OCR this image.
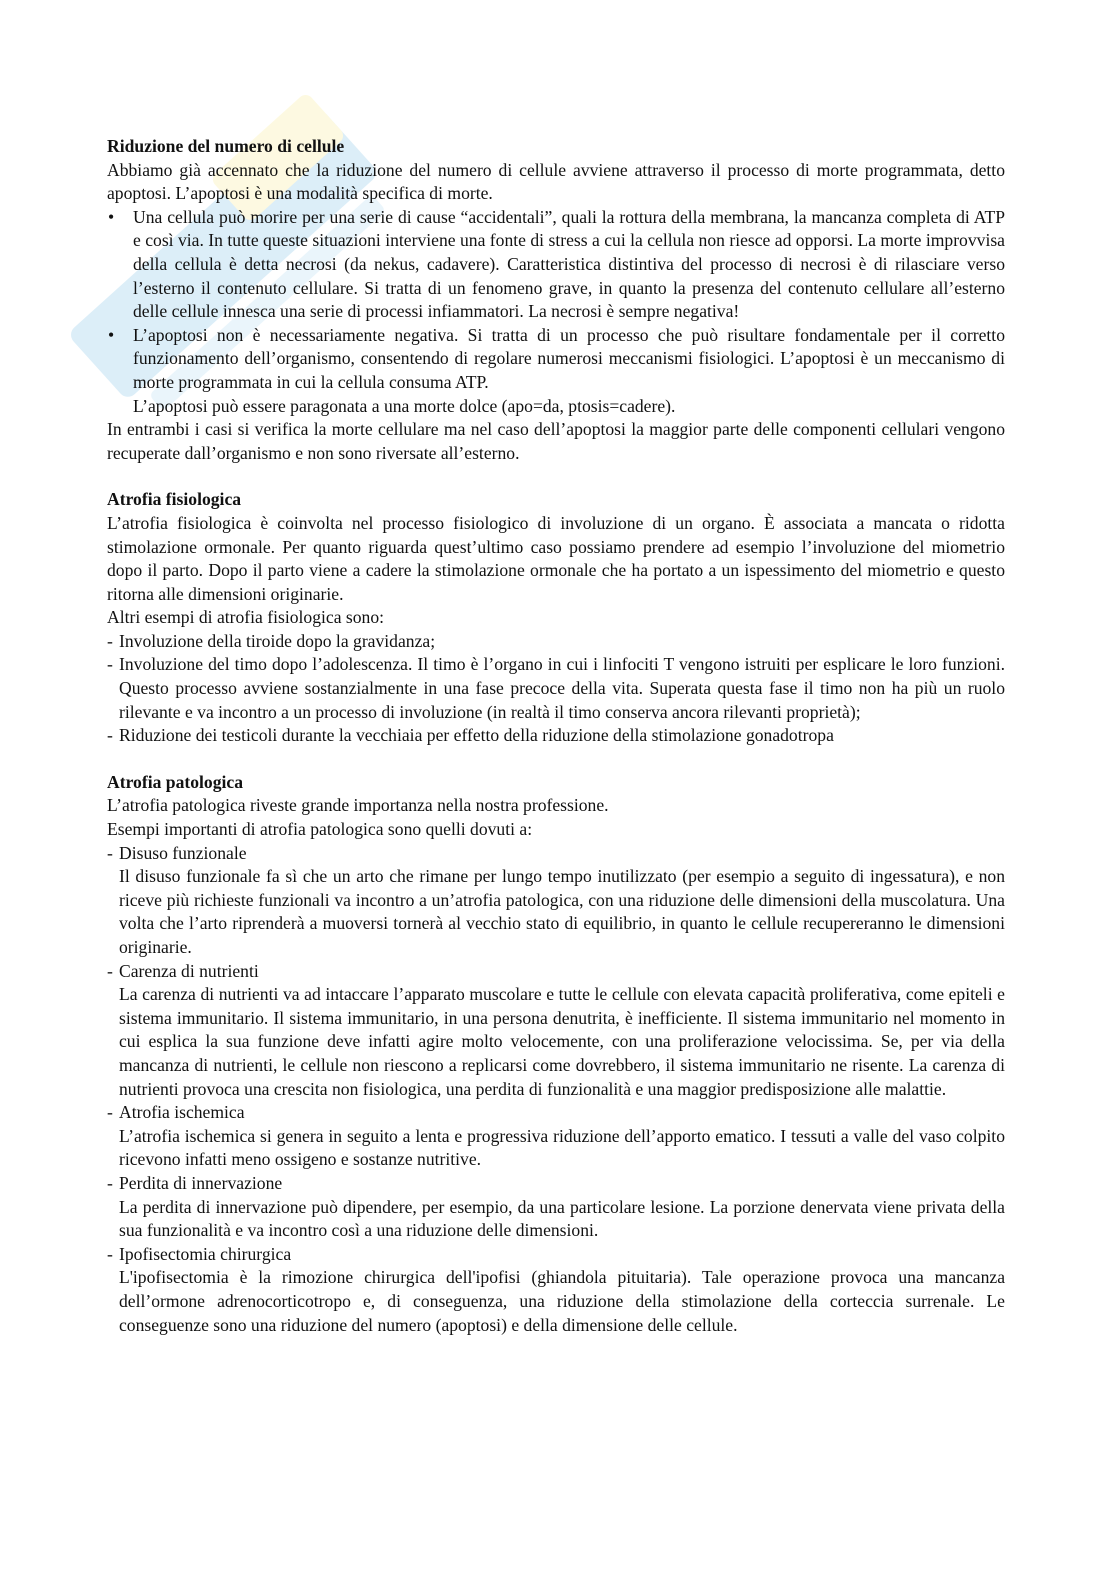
Riduzione del numero di cellule

Abbiamo già accennato che la riduzione del numero di cellule avviene attraverso il processo di morte programmata, detto apoptosi. L’apoptosi è una modalità specifica di morte.

• Una cellula può morire per una serie di cause “accidentali”, quali la rottura della membrana, la mancanza completa di ATP e così via. In tutte queste situazioni interviene una fonte di stress a cui la cellula non riesce ad opporsi. La morte improvvisa della cellula è detta necrosi (da nekus, cadavere). Caratteristica distintiva del processo di necrosi è di rilasciare verso l’esterno il contenuto cellulare. Si tratta di un fenomeno grave, in quanto la presenza del contenuto cellulare all’esterno delle cellule innesca una serie di processi infiammatori. La necrosi è sempre negativa!
• L’apoptosi non è necessariamente negativa. Si tratta di un processo che può risultare fondamentale per il corretto funzionamento dell’organismo, consentendo di regolare numerosi meccanismi fisiologici. L’apoptosi è un meccanismo di morte programmata in cui la cellula consuma ATP.
L’apoptosi può essere paragonata a una morte dolce (apo=da, ptosis=cadere).

In entrambi i casi si verifica la morte cellulare ma nel caso dell’apoptosi la maggior parte delle componenti cellulari vengono recuperate dall’organismo e non sono riversate all’esterno.

Atrofia fisiologica

L’atrofia fisiologica è coinvolta nel processo fisiologico di involuzione di un organo. È associata a mancata o ridotta stimolazione ormonale. Per quanto riguarda quest’ultimo caso possiamo prendere ad esempio l’involuzione del miometrio dopo il parto. Dopo il parto viene a cadere la stimolazione ormonale che ha portato a un ispessimento del miometrio e questo ritorna alle dimensioni originarie.

Altri esempi di atrofia fisiologica sono:

- Involuzione della tiroide dopo la gravidanza;
- Involuzione del timo dopo l’adolescenza. Il timo è l’organo in cui i linfociti T vengono istruiti per esplicare le loro funzioni. Questo processo avviene sostanzialmente in una fase precoce della vita. Superata questa fase il timo non ha più un ruolo rilevante e va incontro a un processo di involuzione (in realtà il timo conserva ancora rilevanti proprietà);
- Riduzione dei testicoli durante la vecchiaia per effetto della riduzione della stimolazione gonadotropa
Atrofia patologica

L’atrofia patologica riveste grande importanza nella nostra professione.

Esempi importanti di atrofia patologica sono quelli dovuti a:

- Disuso funzionale
Il disuso funzionale fa sì che un arto che rimane per lungo tempo inutilizzato (per esempio a seguito di ingessatura), e non riceve più richieste funzionali va incontro a un’atrofia patologica, con una riduzione delle dimensioni della muscolatura. Una volta che l’arto riprenderà a muoversi tornerà al vecchio stato di equilibrio, in quanto le cellule recupereranno le dimensioni originarie.
- Carenza di nutrienti
La carenza di nutrienti va ad intaccare l’apparato muscolare e tutte le cellule con elevata capacità proliferativa, come epiteli e sistema immunitario. Il sistema immunitario, in una persona denutrita, è inefficiente. Il sistema immunitario nel momento in cui esplica la sua funzione deve infatti agire molto velocemente, con una proliferazione velocissima. Se, per via della mancanza di nutrienti, le cellule non riescono a replicarsi come dovrebbero, il sistema immunitario ne risente. La carenza di nutrienti provoca una crescita non fisiologica, una perdita di funzionalità e una maggior predisposizione alle malattie.
- Atrofia ischemica
L’atrofia ischemica si genera in seguito a lenta e progressiva riduzione dell’apporto ematico. I tessuti a valle del vaso colpito ricevono infatti meno ossigeno e sostanze nutritive.
- Perdita di innervazione
La perdita di innervazione può dipendere, per esempio, da una particolare lesione. La porzione denervata viene privata della sua funzionalità e va incontro così a una riduzione delle dimensioni.
- Ipofisectomia chirurgica
L'ipofisectomia è la rimozione chirurgica dell'ipofisi (ghiandola pituitaria). Tale operazione provoca una mancanza dell’ormone adrenocorticotropo e, di conseguenza, una riduzione della stimolazione della corteccia surrenale. Le conseguenze sono una riduzione del numero (apoptosi) e della dimensione delle cellule.
